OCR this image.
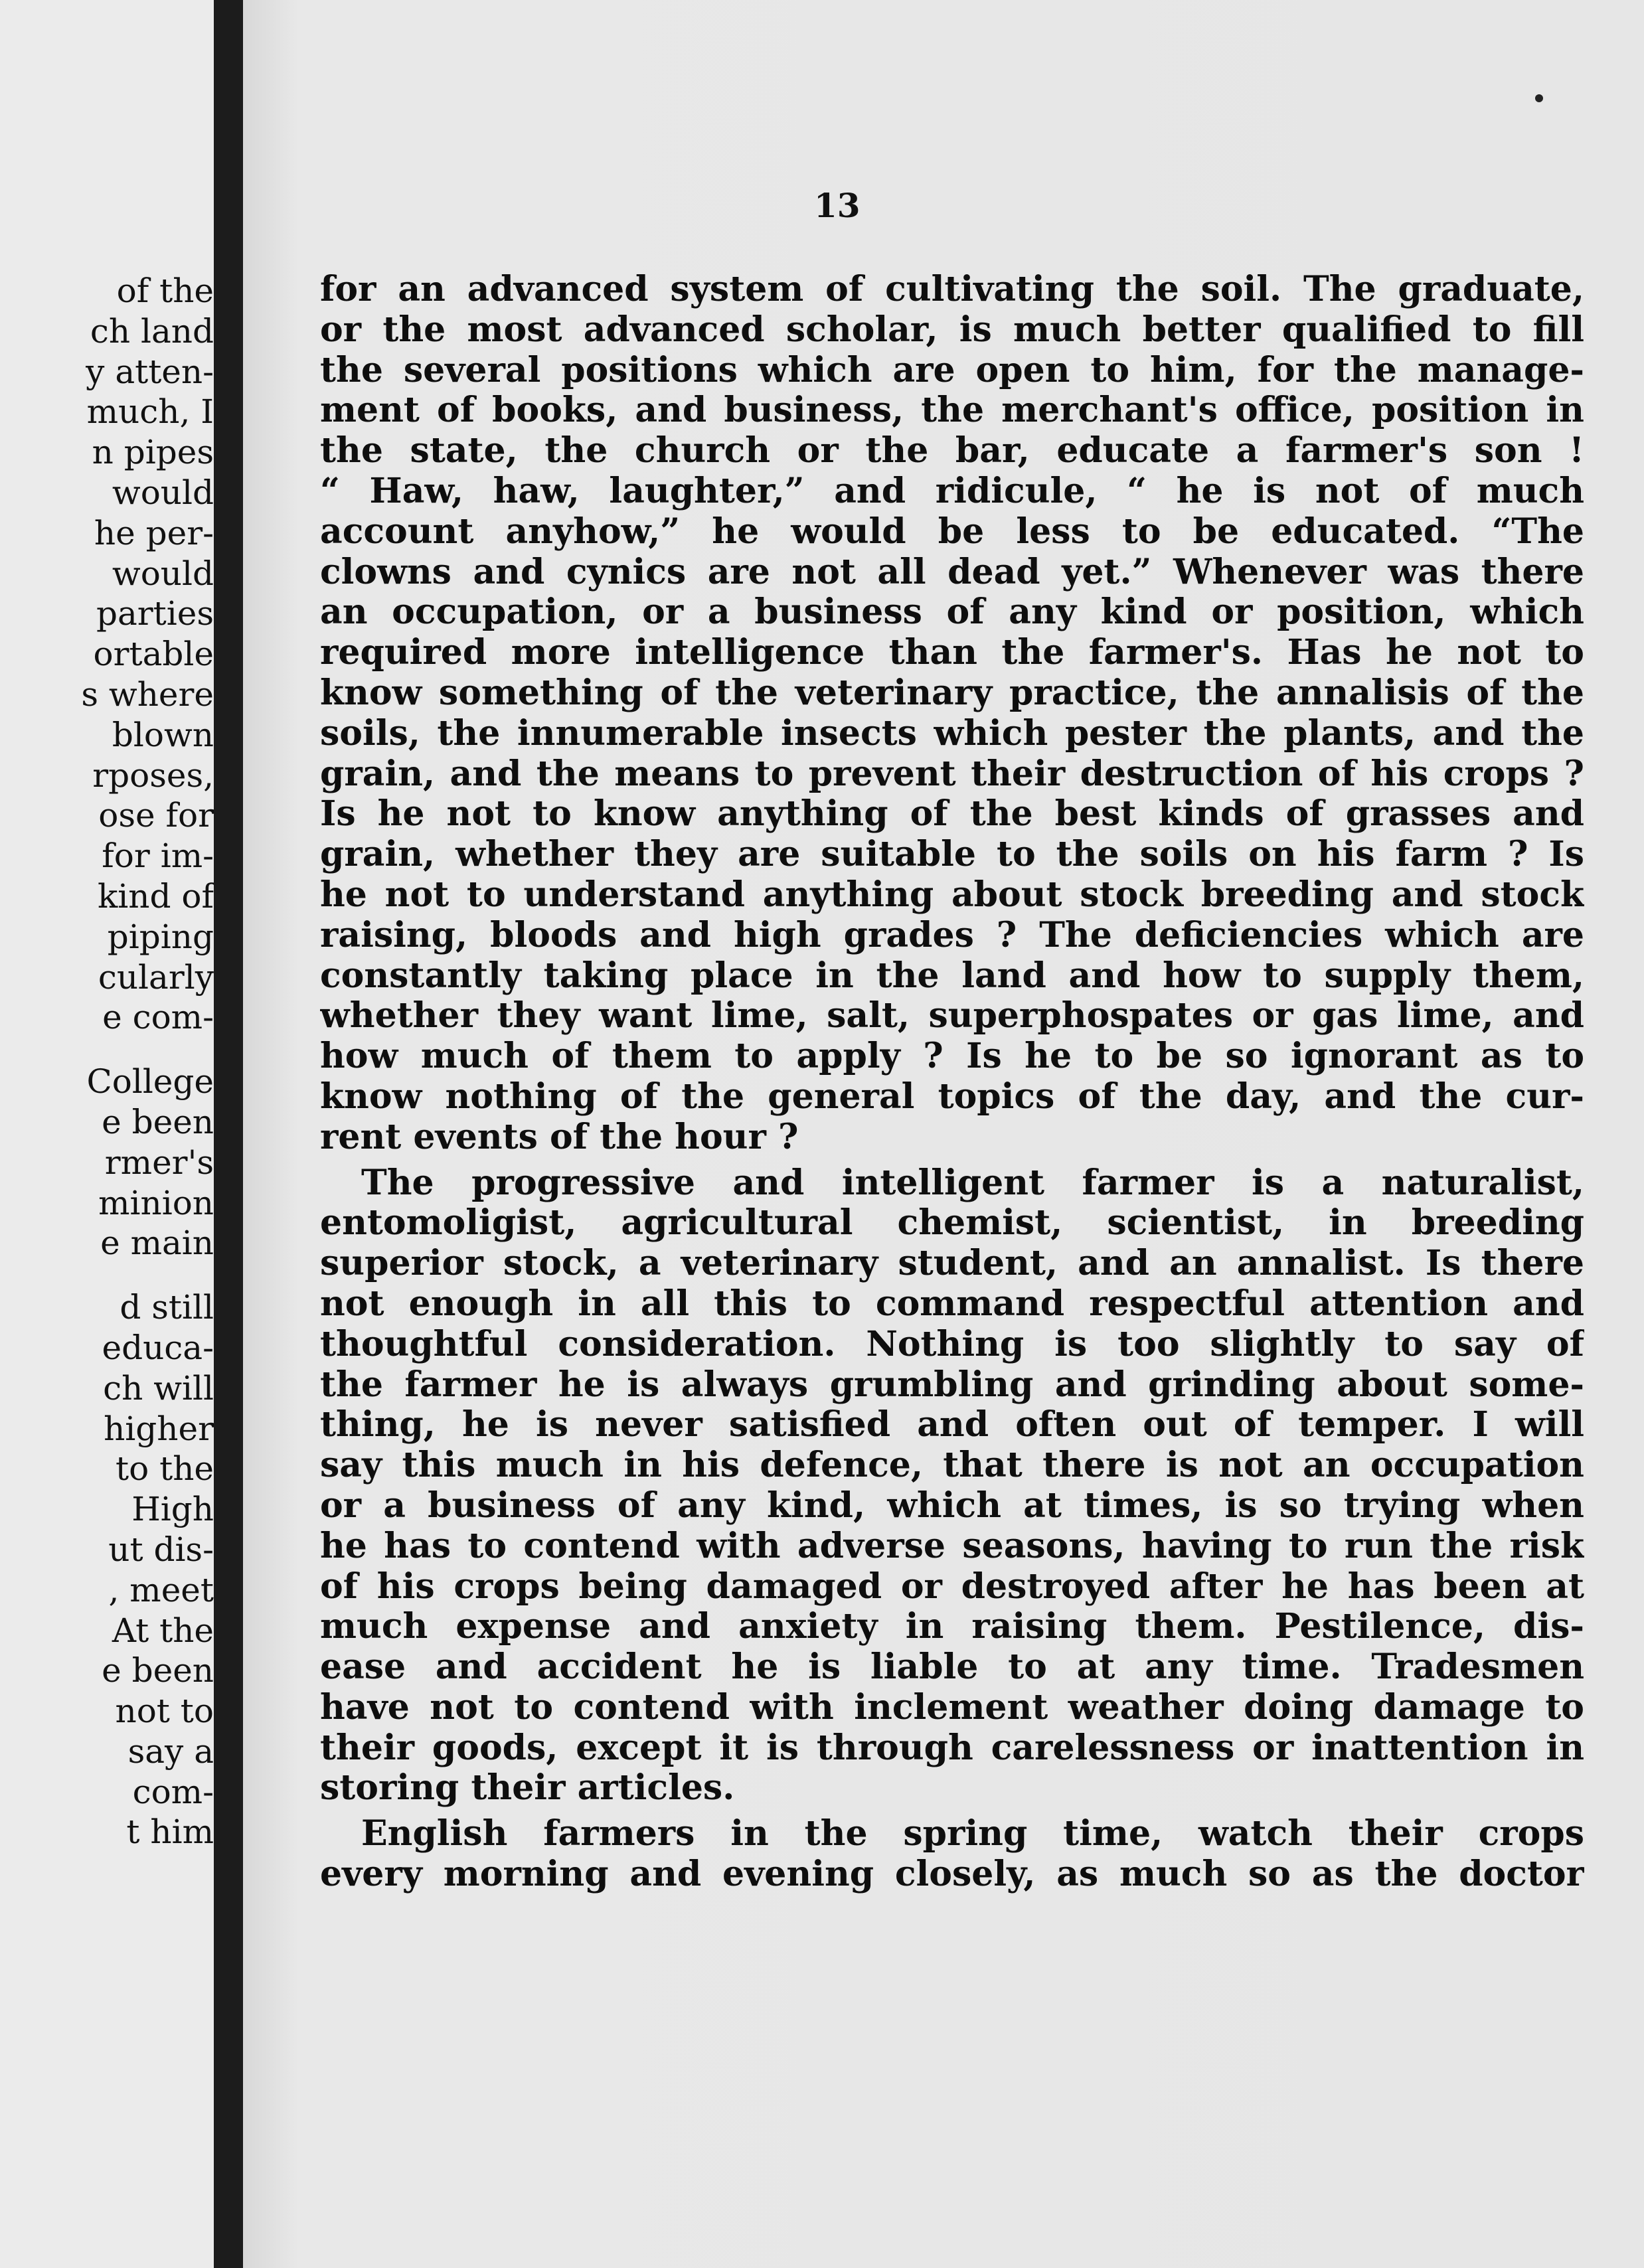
of the
ch land
y atten-
much, I
n pipes
would
he per-
would
parties
ortable
s where
blown
rposes,
ose for
for im-
kind of
piping
cularly
e com-
College
e been
rmer's
minion
e main
d still
educa-
ch will
higher
to the
High
ut dis-
, meet
At the
e been
not to
say a
com-
t him
13
for an advanced system of cultivating the soil. The graduate,
or the most advanced scholar, is much better qualified to fill
the several positions which are open to him, for the manage-
ment of books, and business, the merchant's office, position in
the state, the church or the bar, educate a farmer's son !
“ Haw, haw, laughter,” and ridicule, “ he is not of much
account anyhow,” he would be less to be educated. “The
clowns and cynics are not all dead yet.” Whenever was there
an occupation, or a business of any kind or position, which
required more intelligence than the farmer's. Has he not to
know something of the veterinary practice, the annalisis of the
soils, the innumerable insects which pester the plants, and the
grain, and the means to prevent their destruction of his crops ?
Is he not to know anything of the best kinds of grasses and
grain, whether they are suitable to the soils on his farm ? Is
he not to understand anything about stock breeding and stock
raising, bloods and high grades ? The deficiencies which are
constantly taking place in the land and how to supply them,
whether they want lime, salt, superphospates or gas lime, and
how much of them to apply ? Is he to be so ignorant as to
know nothing of the general topics of the day, and the cur-
rent events of the hour ?
The progressive and intelligent farmer is a naturalist,
entomoligist, agricultural chemist, scientist, in breeding
superior stock, a veterinary student, and an annalist. Is there
not enough in all this to command respectful attention and
thoughtful consideration. Nothing is too slightly to say of
the farmer he is always grumbling and grinding about some-
thing, he is never satisfied and often out of temper. I will
say this much in his defence, that there is not an occupation
or a business of any kind, which at times, is so trying when
he has to contend with adverse seasons, having to run the risk
of his crops being damaged or destroyed after he has been at
much expense and anxiety in raising them. Pestilence, dis-
ease and accident he is liable to at any time. Tradesmen
have not to contend with inclement weather doing damage to
their goods, except it is through carelessness or inattention in
storing their articles.
English farmers in the spring time, watch their crops
every morning and evening closely, as much so as the doctor
